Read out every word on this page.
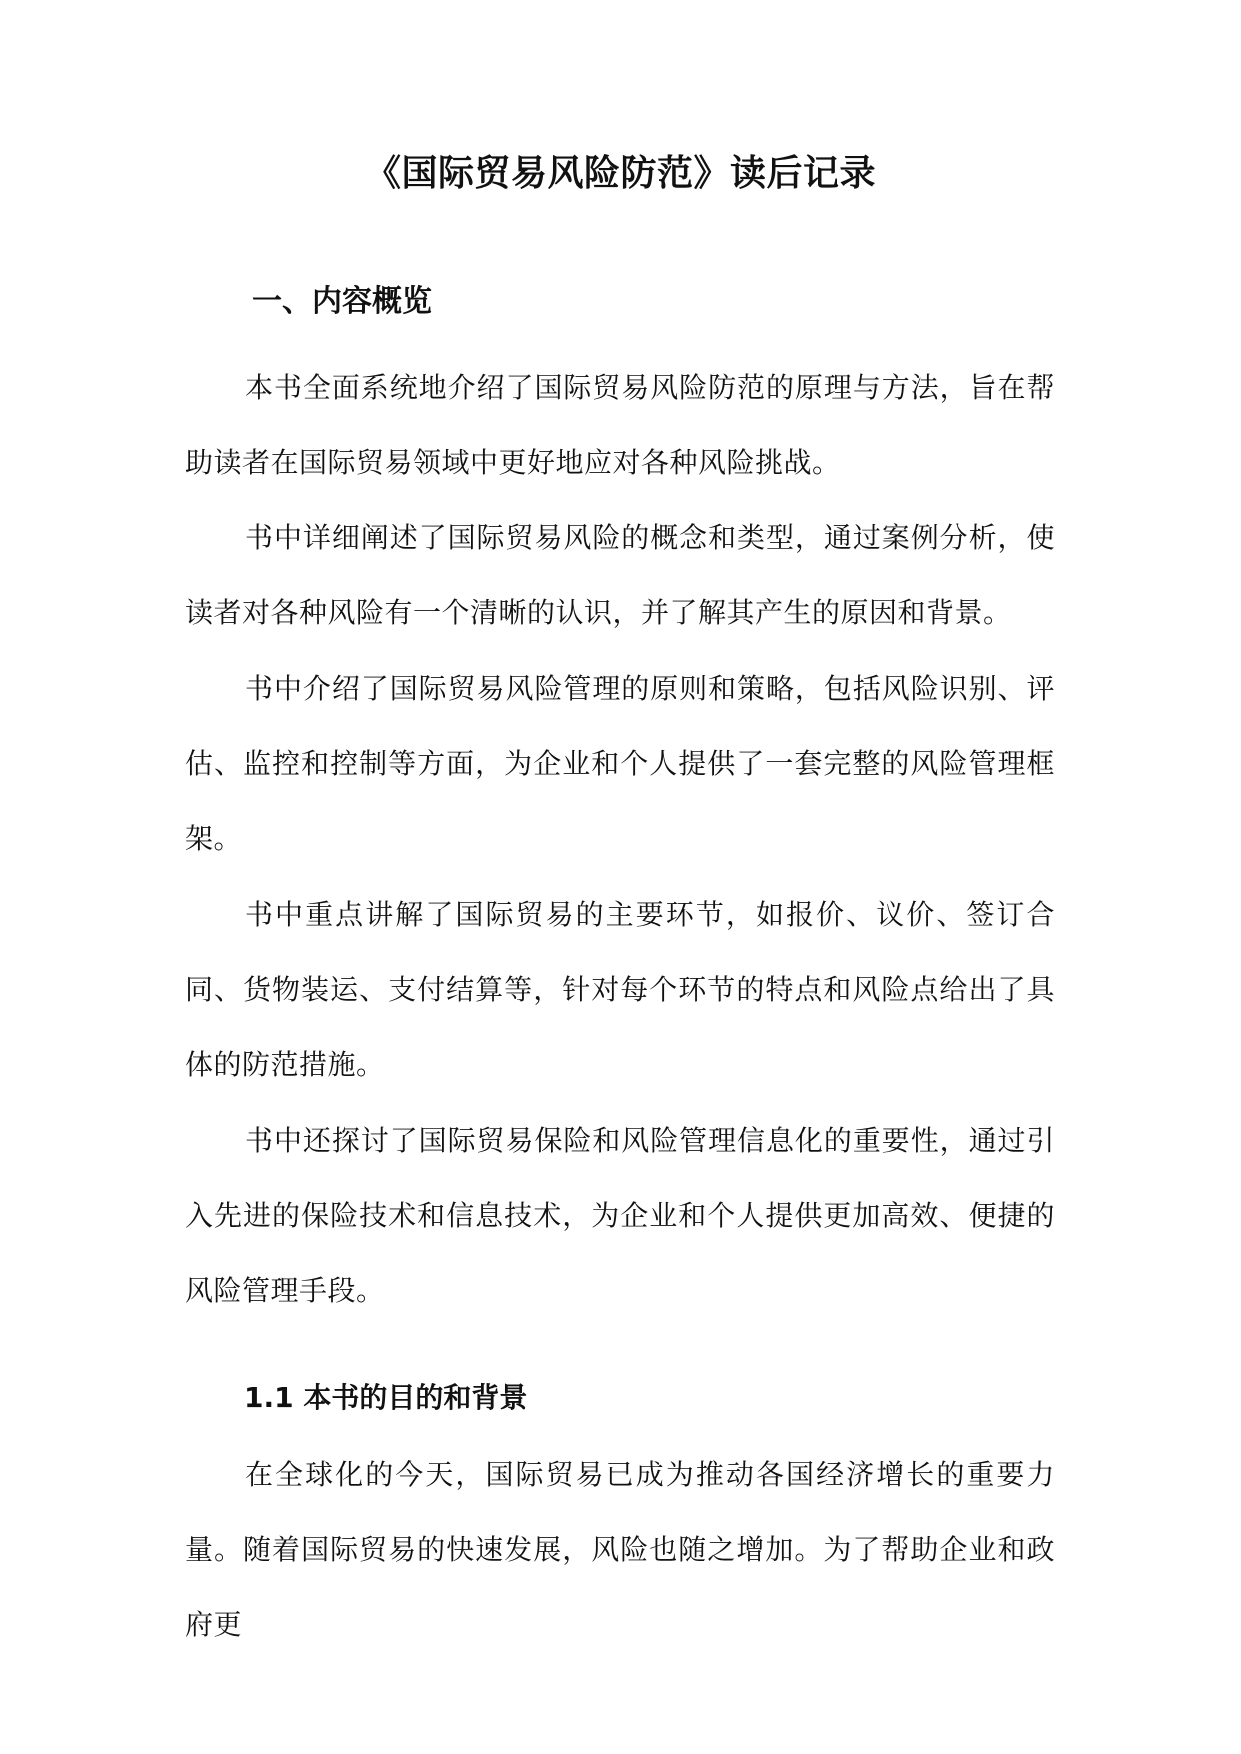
《国际贸易风险防范》读后记录
一、内容概览

本书全面系统地介绍了国际贸易风险防范的原理与方法，旨在帮助读者在国际贸易领域中更好地应对各种风险挑战。

书中详细阐述了国际贸易风险的概念和类型，通过案例分析，使读者对各种风险有一个清晰的认识，并了解其产生的原因和背景。

书中介绍了国际贸易风险管理的原则和策略，包括风险识别、评估、监控和控制等方面，为企业和个人提供了一套完整的风险管理框架。

书中重点讲解了国际贸易的主要环节，如报价、议价、签订合同、货物装运、支付结算等，针对每个环节的特点和风险点给出了具体的防范措施。

书中还探讨了国际贸易保险和风险管理信息化的重要性，通过引入先进的保险技术和信息技术，为企业和个人提供更加高效、便捷的风险管理手段。

1.1 本书的目的和背景

在全球化的今天，国际贸易已成为推动各国经济增长的重要力量。随着国际贸易的快速发展，风险也随之增加。为了帮助企业和政府更
